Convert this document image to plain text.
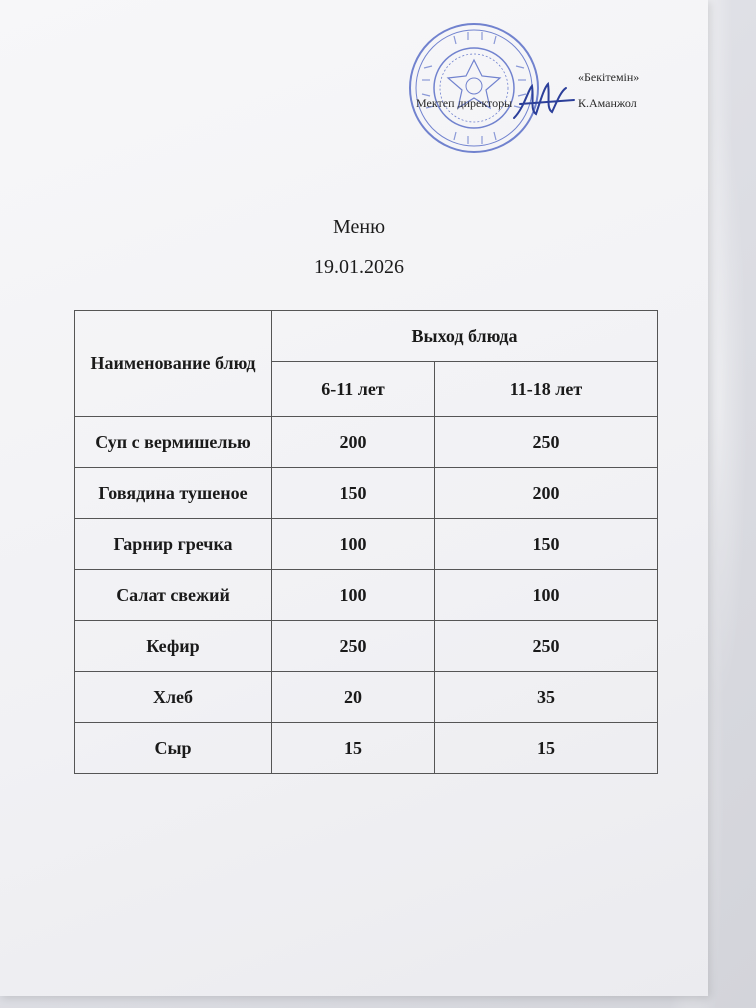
«Бекітемін»
Мектеп директоры	К.Аманжол
Меню
19.01.2026
Наименование блюд	Выход блюда	
	6-11 лет	11-18 лет
Суп с вермишелью	200	250
Говядина тушеное	150	200
Гарнир гречка	100	150
Салат свежий	100	100
Кефир	250	250
Хлеб	20	35
Сыр	15	15
